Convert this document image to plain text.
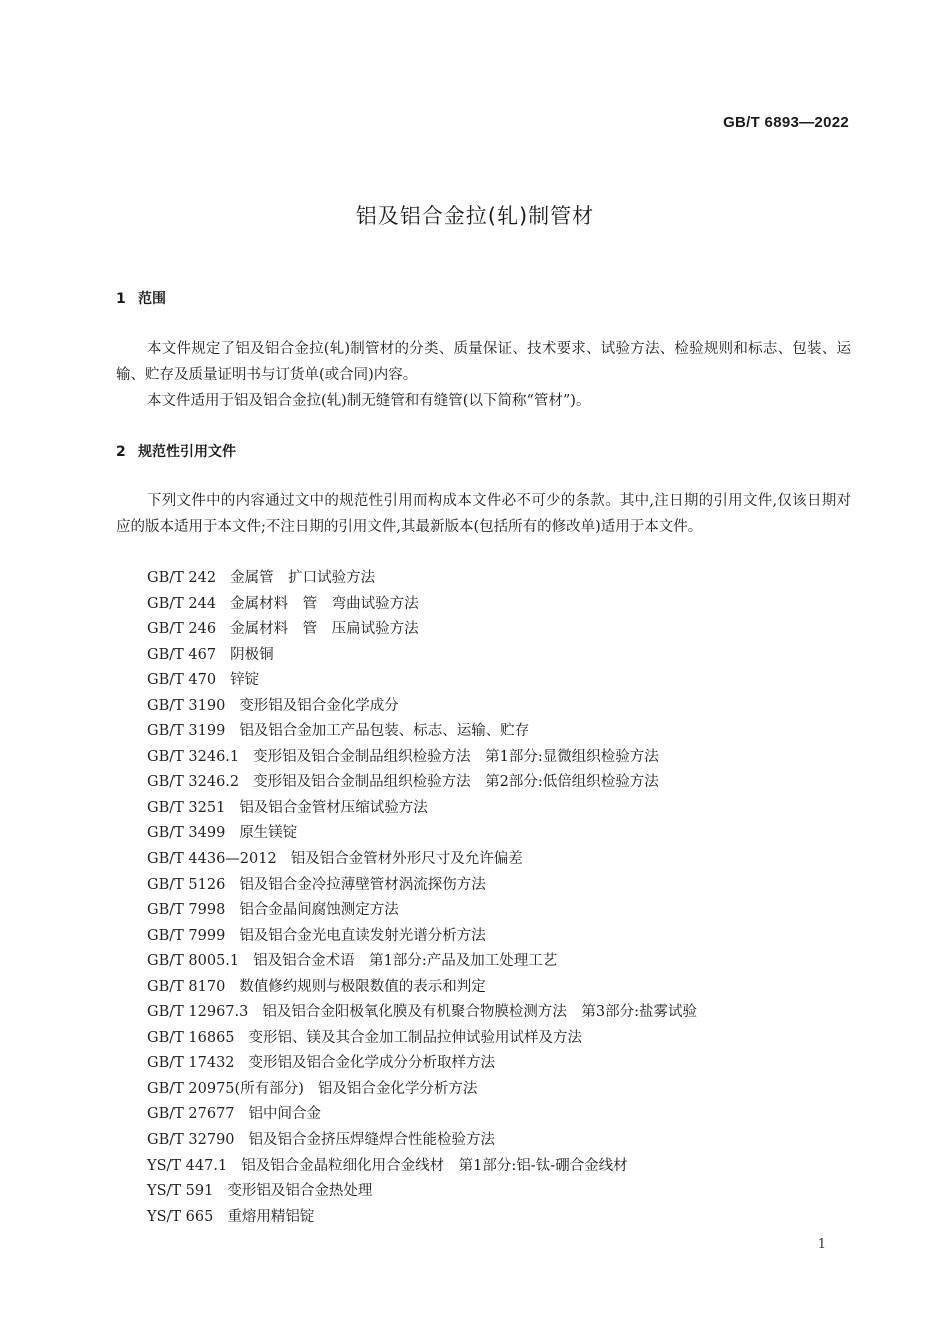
GB/T 6893—2022
铝及铝合金拉(轧)制管材
1 范围
本文件规定了铝及铝合金拉(轧)制管材的分类、质量保证、技术要求、试验方法、检验规则和标志、包装、运输、贮存及质量证明书与订货单(或合同)内容。
本文件适用于铝及铝合金拉(轧)制无缝管和有缝管(以下简称“管材”)。
2 规范性引用文件
下列文件中的内容通过文中的规范性引用而构成本文件必不可少的条款。其中,注日期的引用文件,仅该日期对应的版本适用于本文件;不注日期的引用文件,其最新版本(包括所有的修改单)适用于本文件。
GB/T 242 金属管　扩口试验方法
GB/T 244 金属材料　管　弯曲试验方法
GB/T 246 金属材料　管　压扁试验方法
GB/T 467 阴极铜
GB/T 470 锌锭
GB/T 3190 变形铝及铝合金化学成分
GB/T 3199 铝及铝合金加工产品包装、标志、运输、贮存
GB/T 3246.1 变形铝及铝合金制品组织检验方法　第1部分:显微组织检验方法
GB/T 3246.2 变形铝及铝合金制品组织检验方法　第2部分:低倍组织检验方法
GB/T 3251 铝及铝合金管材压缩试验方法
GB/T 3499 原生镁锭
GB/T 4436—2012 铝及铝合金管材外形尺寸及允许偏差
GB/T 5126 铝及铝合金冷拉薄壁管材涡流探伤方法
GB/T 7998 铝合金晶间腐蚀测定方法
GB/T 7999 铝及铝合金光电直读发射光谱分析方法
GB/T 8005.1 铝及铝合金术语　第1部分:产品及加工处理工艺
GB/T 8170 数值修约规则与极限数值的表示和判定
GB/T 12967.3 铝及铝合金阳极氧化膜及有机聚合物膜检测方法　第3部分:盐雾试验
GB/T 16865 变形铝、镁及其合金加工制品拉伸试验用试样及方法
GB/T 17432 变形铝及铝合金化学成分分析取样方法
GB/T 20975(所有部分) 铝及铝合金化学分析方法
GB/T 27677 铝中间合金
GB/T 32790 铝及铝合金挤压焊缝焊合性能检验方法
YS/T 447.1 铝及铝合金晶粒细化用合金线材　第1部分:铝-钛-硼合金线材
YS/T 591 变形铝及铝合金热处理
YS/T 665 重熔用精铝锭
1
